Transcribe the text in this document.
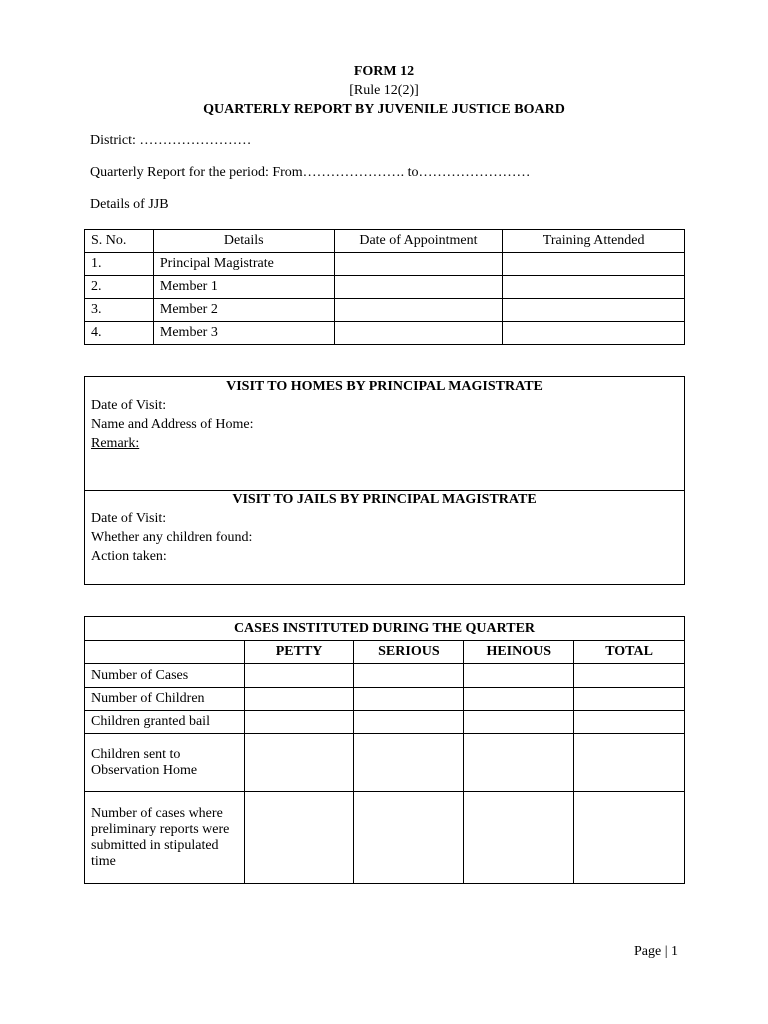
FORM 12
[Rule 12(2)]
QUARTERLY REPORT BY JUVENILE JUSTICE BOARD
District: ……………………
Quarterly Report for the period: From…………………. to……………………
Details of JJB
S. No.	Details	Date of Appointment	Training Attended
1.	Principal Magistrate		
2.	Member 1		
3.	Member 2		
4.	Member 3		
VISIT TO HOMES BY PRINCIPAL MAGISTRATE
Date of Visit:
Name and Address of Home:
Remark:
VISIT TO JAILS BY PRINCIPAL MAGISTRATE
Date of Visit:
Whether any children found:
Action taken:
CASES INSTITUTED DURING THE QUARTER				
	PETTY	SERIOUS	HEINOUS	TOTAL
Number of Cases				
Number of Children				
Children granted bail				
Children sent to Observation Home				
Number of cases where preliminary reports were submitted in stipulated time				
Page | 1
